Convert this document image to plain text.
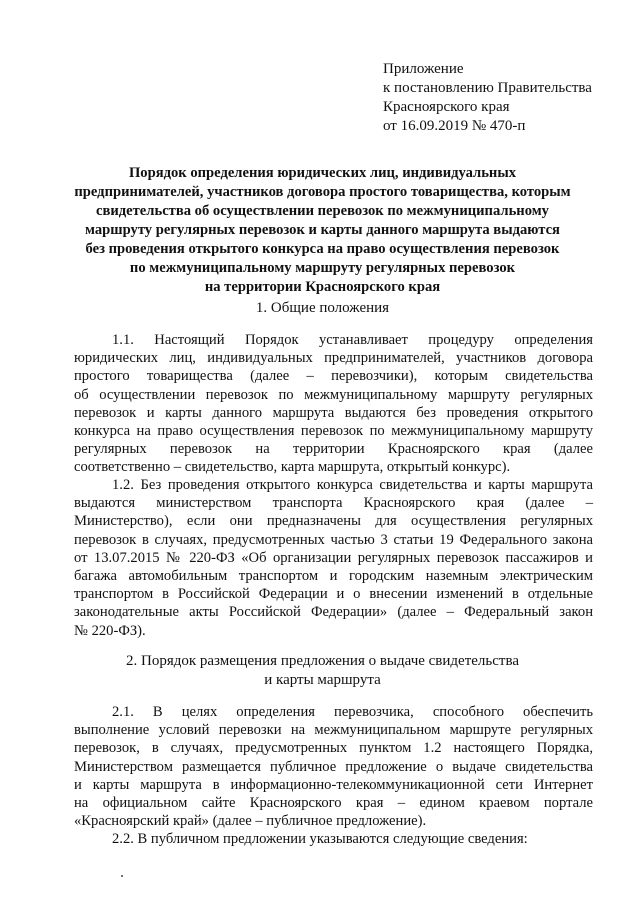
Приложение
к постановлению Правительства
Красноярского края
от 16.09.2019 № 470-п
Порядок определения юридических лиц, индивидуальных
предпринимателей, участников договора простого товарищества, которым
свидетельства об осуществлении перевозок по межмуниципальному
маршруту регулярных перевозок и карты данного маршрута выдаются
без проведения открытого конкурса на право осуществления перевозок
по межмуниципальному маршруту регулярных перевозок
на территории Красноярского края
1. Общие положения
1.1. Настоящий Порядок устанавливает процедуру определения
юридических лиц, индивидуальных предпринимателей, участников договора
простого товарищества (далее – перевозчики), которым свидетельства
об осуществлении перевозок по межмуниципальному маршруту регулярных
перевозок и карты данного маршрута выдаются без проведения открытого
конкурса на право осуществления перевозок по межмуниципальному маршруту
регулярных перевозок на территории Красноярского края (далее
соответственно – свидетельство, карта маршрута, открытый конкурс).
1.2. Без проведения открытого конкурса свидетельства и карты маршрута
выдаются министерством транспорта Красноярского края (далее –
Министерство), если они предназначены для осуществления регулярных
перевозок в случаях, предусмотренных частью 3 статьи 19 Федерального закона
от 13.07.2015 № 220-ФЗ «Об организации регулярных перевозок пассажиров и
багажа автомобильным транспортом и городским наземным электрическим
транспортом в Российской Федерации и о внесении изменений в отдельные
законодательные акты Российской Федерации» (далее – Федеральный закон
№ 220-ФЗ).
2. Порядок размещения предложения о выдаче свидетельства
и карты маршрута
2.1. В целях определения перевозчика, способного обеспечить
выполнение условий перевозки на межмуниципальном маршруте регулярных
перевозок, в случаях, предусмотренных пунктом 1.2 настоящего Порядка,
Министерством размещается публичное предложение о выдаче свидетельства
и карты маршрута в информационно-телекоммуникационной сети Интернет
на официальном сайте Красноярского края – едином краевом портале
«Красноярский край» (далее – публичное предложение).
2.2. В публичном предложении указываются следующие сведения:
